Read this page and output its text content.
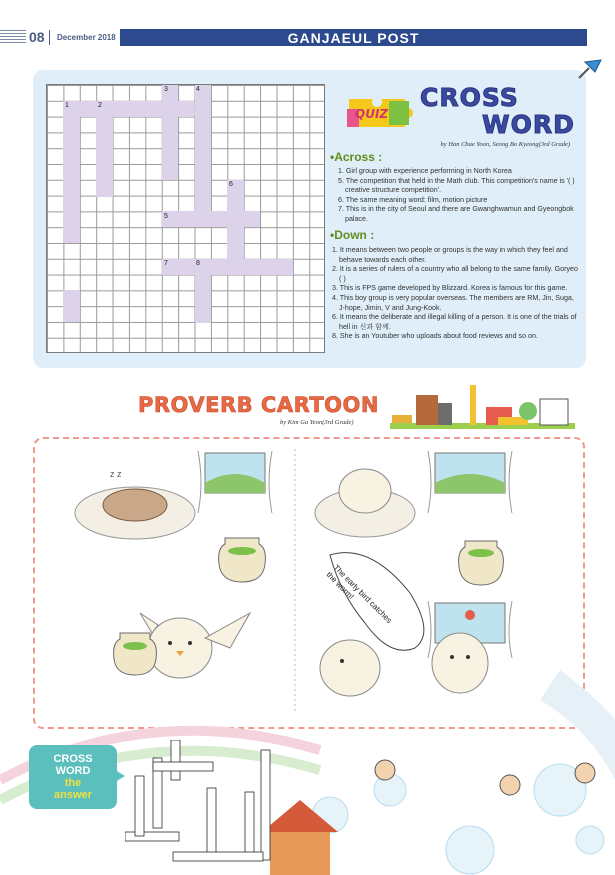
08 December 2018	GANJAEUL POST
1	2
3	4
5
6
7	8
QUIZ
CROSS
WORD
by Han Chae Yoon, Seong Bo Kyeong(3rd Grade)
•Across :
1. Girl group with experience performing in North Korea
5. The competition that held in the Math club. This competition's name is '( ) creative structure competition'.
6. The same meaning word: film, motion picture
7. This is in the city of Seoul and there are Gwanghwamun and Gyeongbok palace.
•Down :
1. It means between two people or groups is the way in which they feel and behave towards each other.
2. It is a series of rulers of a country who all belong to the same family. Goryeo ( )
3. This is FPS game developed by Blizzard. Korea is famous for this game.
4. This boy group is very popular overseas. The members are RM, Jin, Suga, J-hope, Jimin, V and Jung-Kook.
6. It means the deliberate and illegal killing of a person. It is one of the trials of hell in 신과 함께.
8. She is an Youtuber who uploads about food reviews and so on.
PROVERB CARTOON
by Kim Ga Yeon(3rd Grade)
z z
The early bird catches the worm!
CROSS
WORD
the
answer
